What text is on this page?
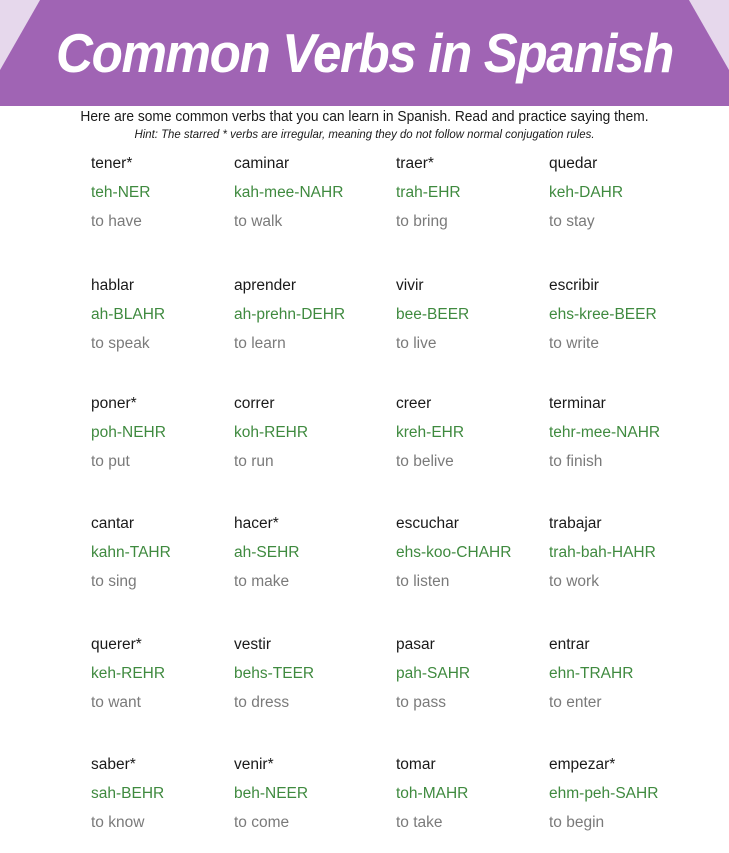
Common Verbs in Spanish
Here are some common verbs that you can learn in Spanish. Read and practice saying them.
Hint: The starred * verbs are irregular, meaning they do not follow normal conjugation rules.
tener*
teh-NER
to have
caminar
kah-mee-NAHR
to walk
traer*
trah-EHR
to bring
quedar
keh-DAHR
to stay
hablar
ah-BLAHR
to speak
aprender
ah-prehn-DEHR
to learn
vivir
bee-BEER
to live
escribir
ehs-kree-BEER
to write
poner*
poh-NEHR
to put
correr
koh-REHR
to run
creer
kreh-EHR
to belive
terminar
tehr-mee-NAHR
to finish
cantar
kahn-TAHR
to sing
hacer*
ah-SEHR
to make
escuchar
ehs-koo-CHAHR
to listen
trabajar
trah-bah-HAHR
to work
querer*
keh-REHR
to want
vestir
behs-TEER
to dress
pasar
pah-SAHR
to pass
entrar
ehn-TRAHR
to enter
saber*
sah-BEHR
to know
venir*
beh-NEER
to come
tomar
toh-MAHR
to take
empezar*
ehm-peh-SAHR
to begin
